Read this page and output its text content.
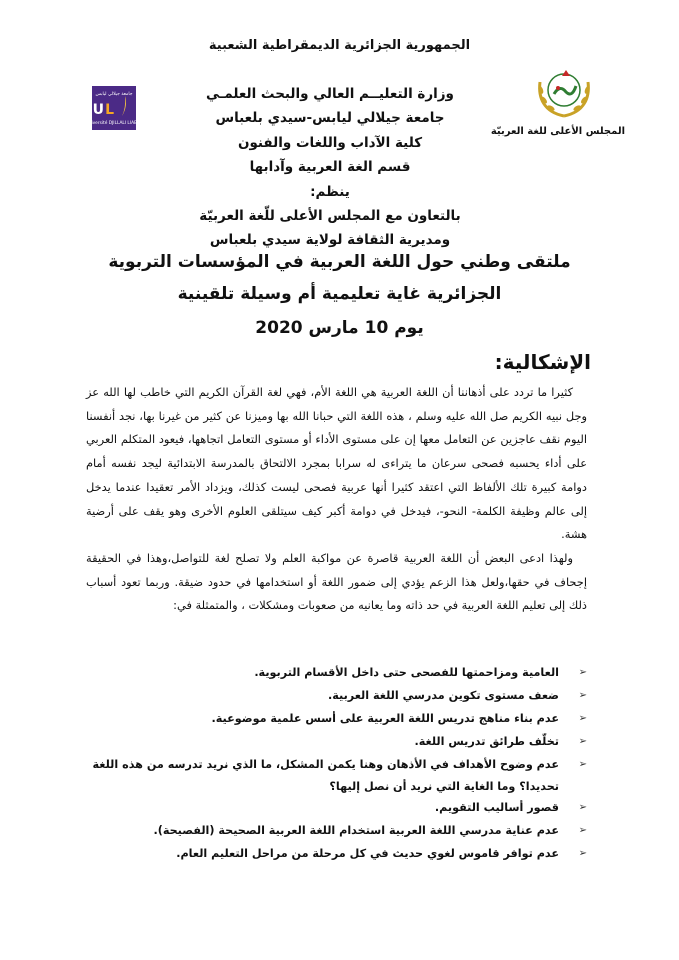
الجمهورية الجزائرية الديمقراطية الشعبية
جامعة جيلالي ليابس
U L
Université DJILLALI LIABES
المجلس الأعلى للغة العربيّة
وزارة التعليــم العالي والبحث العلمـي
جامعة جيلالي ليابس-سيدي بلعباس
كلية الآداب واللغات والفنون
قسم الغة العربية وآدابها
ينظم:
بالتعاون مع المجلس الأعلى للّغة العربيّة
ومديرية الثقافة لولاية سيدي بلعباس
ملتقى وطني حول اللغة العربية في المؤسسات التربوية
الجزائرية غاية تعليمية أم وسيلة تلقينية
يوم 10 مارس 2020
الإشكالية:

كثيرا ما تردد على أذهاننا أن اللغة العربية هي اللغة الأم، فهي لغة القرآن الكريم التي خاطب لها الله عز وجل نبيه الكريم صل الله عليه وسلم ، هذه اللغة التي حبانا الله بها وميزنا عن كثير من غيرنا بها، نجد أنفسنا اليوم نقف عاجزين عن التعامل معها إن على مستوى الأداء أو مستوى التعامل اتجاهها، فيعود المتكلم العربي على أداء يحسبه فصحى سرعان ما يتراءى له سرابا بمجرد الالتحاق بالمدرسة الابتدائية ليجد نفسه أمام دوامة كبيرة تلك الألفاظ التي اعتقد كثيرا أنها عربية فصحى ليست كذلك، ويزداد الأمر تعقيدا عندما يدخل إلى عالم وظيفة الكلمة- النحو-، فيدخل في دوامة أكبر كيف سيتلقى العلوم الأخرى وهو يقف على أرضية هشة.

ولهذا ادعى البعض أن اللغة العربية قاصرة عن مواكبة العلم ولا تصلح لغة للتواصل،وهذا في الحقيقة إجحاف في حقها،ولعل هذا الزعم يؤدي إلى ضمور اللغة أو استخدامها في حدود ضيقة. وربما تعود أسباب ذلك إلى تعليم اللغة العربية في حد ذاته وما يعانيه من صعوبات ومشكلات ، والمتمثلة في:

➢
العامية ومزاحمتها للفصحى حتى داخل الأقسام التربوية.
➢
ضعف مستوى تكوين مدرسي اللغة العربية.
➢
عدم بناء مناهج تدريس اللغة العربية على أسس علمية موضوعية.
➢
تخلّف طرائق تدريس اللغة.
➢
عدم وضوح الأهداف في الأذهان وهنا يكمن المشكل، ما الذي نريد تدرسه من هذه اللغة تحديدا؟ وما الغاية التي نريد أن نصل إليها؟
➢
قصور أساليب التقويم.
➢
عدم عناية مدرسي اللغة العربية استخدام اللغة العربية الصحيحة (الفصيحة).
➢
عدم توافر قاموس لغوي حديث في كل مرحلة من مراحل التعليم العام.
